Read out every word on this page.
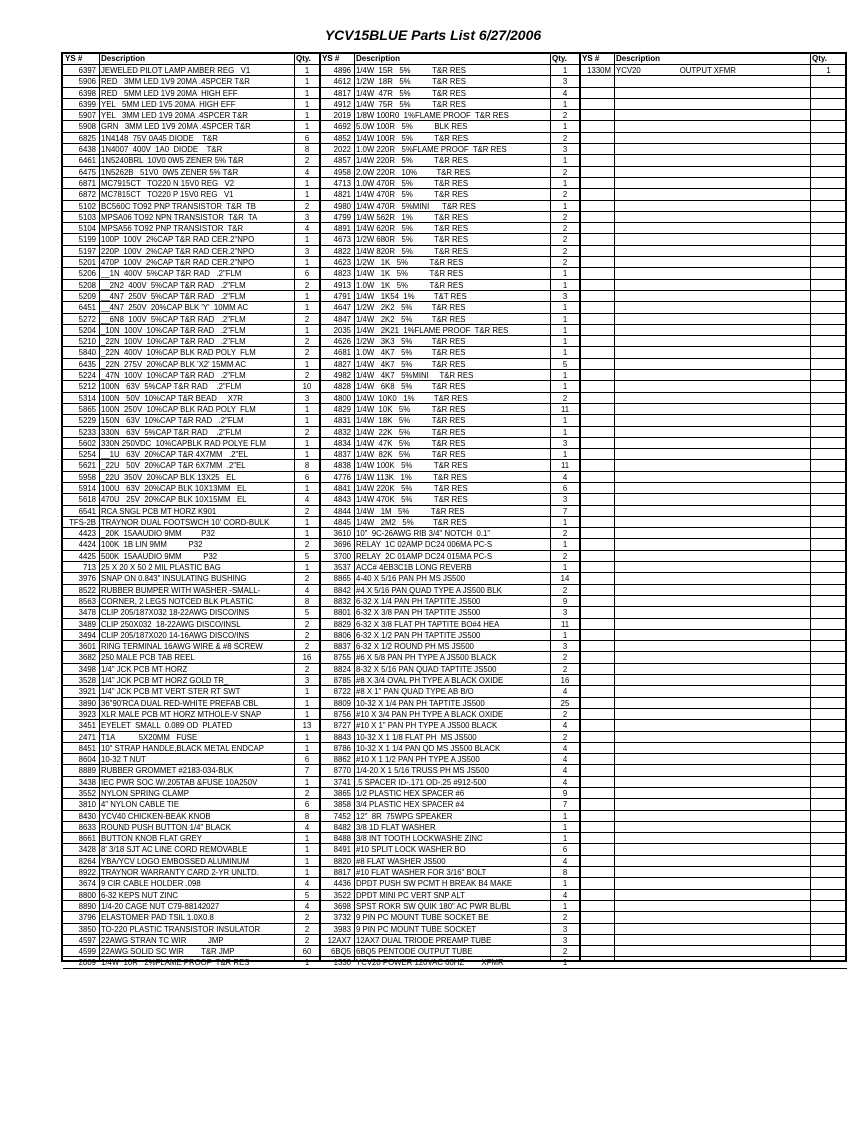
YCV15BLUE Parts List 6/27/2006
YS #	Description	Qty.
6397 JEWELED PILOT LAMP AMBER REG   V1	1
5906 RED   3MM LED 1V9 20MA .4SPCER T&R	1
6398 RED   5MM LED 1V9 20MA  HIGH EFF	1
6399 YEL   5MM LED 1V5 20MA  HIGH EFF	1
5907 YEL   3MM LED 1V9 20MA .4SPCER T&R	1
5908 GRN   3MM LED 1V9 20MA .4SPCER T&R	1
6825 1N4148  75V 0A45 DIODE    T&R	6
6438 1N4007  400V  1A0  DIODE    T&R	8
6461 1N5240BRL  10V0 0W5 ZENER 5% T&R	2
6475 1N5262B   51V0  0W5 ZENER 5% T&R	4
6871 MC7915CT   TO220 N 15V0 REG   V2	1
6872 MC7815CT   TO220 P 15V0 REG   V1	1
5102 BC560C TO92 PNP TRANSISTOR  T&R  TB	2
5103 MPSA06 TO92 NPN TRANSISTOR  T&R  TA	3
5104 MPSA56 TO92 PNP TRANSISTOR  T&R	4
5199 100P  100V  2%CAP T&R RAD CER.2"NPO	1
5197 220P  100V  2%CAP T&R RAD CER.2"NPO	3
5201 470P  100V  2%CAP T&R RAD CER.2"NPO	1
5206 __1N  400V  5%CAP T&R RAD   .2"FLM	6
5208 __2N2  400V  5%CAP T&R RAD   .2"FLM	2
5209 __4N7  250V  5%CAP T&R RAD   .2"FLM	1
6451 __4N7  250V  20%CAP BLK 'Y'  10MM AC	1
5272 __6N8  100V  5%CAP T&R RAD   .2"FLM	2
5204 _10N  100V  10%CAP T&R RAD   .2"FLM	1
5210 _22N  100V  10%CAP T&R RAD   .2"FLM	2
5840 _22N  400V  10%CAP BLK RAD POLY  FLM	2
6435 _22N  275V  20%CAP BLK 'X2' 15MM AC	1
5224 _47N  100V  10%CAP T&R RAD   .2"FLM	2
5212 100N   63V  5%CAP T&R RAD    .2"FLM	10
5314 100N   50V  10%CAP T&R BEAD     X7R	3
5865 100N  250V  10%CAP BLK RAD POLY  FLM	1
5229 150N   63V  10%CAP T&R RAD   .2"FLM	1
5233 330N   63V  5%CAP T&R RAD    .2"FLM	2
5602 330N 250VDC  10%CAPBLK RAD POLYE FLM	1
5254 __1U   63V  20%CAP T&R 4X7MM   .2"EL	1
5621 _22U   50V  20%CAP T&R 6X7MM  .2"EL	8
5958 _22U  350V  20%CAP BLK 13X25   EL	6
5914 100U   63V  20%CAP BLK 10X13MM   EL	1
5618 470U   25V  20%CAP BLK 10X15MM   EL	4
6541 RCA SNGL PCB MT HORZ K901	2
TFS-2B TRAYNOR DUAL FOOTSWCH 10' CORD-BULK	1
4423 _20K  15AAUDIO 9MM         P32	1
4424 100K  1B LIN 9MM          P32	2
4425 500K  15AAUDIO 9MM          P32	5
713 25 X 20 X 50 2 MIL PLASTIC BAG	1
3976 SNAP ON 0.843" INSULATING BUSHING	2
8522 RUBBER BUMPER WITH WASHER -SMALL-	4
8563 CORNER, 2 LEGS NOTCED BLK PLASTIC	8
3478 CLIP 205/187X032 18-22AWG DISCO/INS	5
3489 CLIP 250X032  18-22AWG DISCO/INSL	2
3494 CLIP 205/187X020 14-16AWG DISCO/INS	2
3601 RING TERMINAL 16AWG WIRE & #8 SCREW	2
3682 250 MALE PCB TAB REEL	16
3498 1/4" JCK PCB MT HORZ	2
3528 1/4" JCK PCB MT HORZ GOLD TR_	3
3921 1/4" JCK PCB MT VERT STER RT SWT	1
3890 36"90'RCA DUAL RED-WHITE PREFAB CBL	1
3923 XLR MALE PCB MT HORZ MTHOLE-V SNAP	1
3451 EYELET  SMALL  0.089 OD  PLATED	13
2471 T1A           5X20MM   FUSE	1
8451 10" STRAP HANDLE,BLACK METAL ENDCAP	1
8604 10-32 T NUT	6
8889 RUBBER GROMMET #2183-034-BLK	7
3438 IEC PWR SOC W/.205TAB &FUSE 10A250V	1
3552 NYLON SPRING CLAMP	2
3810 4" NYLON CABLE TIE	6
8430 YCV40 CHICKEN-BEAK KNOB	8
8633 ROUND PUSH BUTTON 1/4" BLACK	4
8661 BUTTON KNOB FLAT GREY	1
3428 8' 3/18 SJT AC LINE CORD REMOVABLE	1
8264 YBA/YCV LOGO EMBOSSED ALUMINUM	1
8922 TRAYNOR WARRANTY CARD 2-YR UNLTD.	1
3674 9 CIR CABLE HOLDER .098	4
8800 6-32 KEPS NUT ZINC	5
8890 1/4-20 CAGE NUT C79-88142027	4
3796 ELASTOMER PAD TSIL 1.0X0.8	2
3850 TO-220 PLASTIC TRANSISTOR INSULATOR	2
4597 22AWG STRAN TC WIR          JMP	2
4599 22AWG SOLID SC WIR        T&R JMP	60
2009 1/4W  10R   2%FLAME PROOF  T&R RES	1
YS #	Description	Qty.
4896 1/4W  15R   5%          T&R RES	1
4612 1/2W  18R   5%          T&R RES	3
4817 1/4W  47R   5%          T&R RES	4
4912 1/4W  75R   5%          T&R RES	1
2019 1/8W 100R0  1%FLAME PROOF  T&R RES	2
4692 5.0W 100R   5%          BLK RES	1
4852 1/4W 100R   5%          T&R RES	2
2022 1.0W 220R   5%FLAME PROOF  T&R RES	3
4857 1/4W 220R   5%          T&R RES	1
4958 2.0W 220R   10%         T&R RES	2
4713 1.0W 470R   5%          T&R RES	1
4821 1/4W 470R   5%          T&R RES	2
4980 1/4W 470R   5%MINI      T&R RES	1
4799 1/4W 562R   1%          T&R RES	2
4891 1/4W 620R   5%          T&R RES	2
4673 1/2W 680R   5%          T&R RES	2
4822 1/4W 820R   5%          T&R RES	2
4623 1/2W   1K   5%          T&R RES	2
4823 1/4W   1K   5%          T&R RES	1
4913 1.0W   1K   5%          T&R RES	1
4791 1/4W   1K54  1%         T&T RES	3
4647 1/2W   2K2   5%         T&R RES	1
4847 1/4W   2K2   5%         T&R RES	1
2035 1/4W   2K21  1%FLAME PROOF  T&R RES	1
4626 1/2W   3K3   5%         T&R RES	1
4681 1.0W   4K7   5%         T&R RES	1
4827 1/4W   4K7   5%         T&R RES	5
4982 1/4W   4K7   5%MINI     T&R RES	1
4828 1/4W   6K8   5%         T&R RES	1
4800 1/4W  10K0   1%         T&R RES	2
4829 1/4W  10K   5%          T&R RES	11
4831 1/4W  18K   5%          T&R RES	1
4832 1/4W  22K   5%          T&R RES	1
4834 1/4W  47K   5%          T&R RES	3
4837 1/4W  82K   5%          T&R RES	1
4838 1/4W 100K   5%          T&R RES	11
4776 1/4W 113K   1%          T&R RES	4
4841 1/4W 220K   5%          T&R RES	6
4843 1/4W 470K   5%          T&R RES	3
4844 1/4W   1M   5%          T&R RES	7
4845 1/4W   2M2   5%         T&R RES	1
3610 10"  9C-26AWG RIB 3/4" NOTCH  0.1"	2
3696 RELAY  1C 02AMP DC24 006MA PC-S	1
3700 RELAY  2C 01AMP DC24 015MA PC-S	2
3537 ACC# 4EB3C1B LONG REVERB	1
8865 4-40 X 5/16 PAN PH MS JS500	14
8842 #4 X 5/16 PAN QUAD TYPE A JS500 BLK	2
8832 6-32 X 1/4 PAN PH TAPTITE JS500	9
8801 6-32 X 3/8 PAN PH TAPTITE JS500	3
8829 6-32 X 3/8 FLAT PH TAPTITE BO#4 HEA	11
8806 6-32 X 1/2 PAN PH TAPTITE JS500	1
8837 6-32 X 1/2 ROUND PH MS JS500	3
8755 #6 X 5/8 PAN PH TYPE A JS500 BLACK	2
8824 8-32 X 5/16 PAN QUAD TAPTITE JS500	2
8785 #8 X 3/4 OVAL PH TYPE A BLACK OXIDE	16
8722 #8 X 1" PAN QUAD TYPE AB B/O	4
8809 10-32 X 1/4 PAN PH TAPTITE JS500	25
8756 #10 X 3/4 PAN PH TYPE A BLACK OXIDE	2
8727 #10 X 1" PAN PH TYPE A JS500 BLACK	4
8843 10-32 X 1 1/8 FLAT PH  MS JS500	2
8786 10-32 X 1 1/4 PAN QD MS JS500 BLACK	4
8862 #10 X 1 1/2 PAN PH TYPE A JS500	4
8770 1/4-20 X 1 5/16 TRUSS PH MS JS500	4
3741 .5 SPACER ID-.171 OD-.25 #912-500	4
3865 1/2 PLASTIC HEX SPACER #6	9
3858 3/4 PLASTIC HEX SPACER #4	7
7452 12"  8R  75WPG SPEAKER	1
8482 3/8 1D FLAT WASHER	1
8488 3/8 INT TOOTH LOCKWASHE ZINC	1
8491 #10 SPLIT LOCK WASHER BO	6
8820 #8 FLAT WASHER JS500	4
8817 #10 FLAT WASHER FOR 3/16" BOLT	8
4436 DPDT PUSH SW PCMT H BREAK B4 MAKE	1
3522 DPDT MINI PC VERT SNP ALT	4
3698 SPST ROKR SW QUIK 180" AC PWR BL/BL	1
3732 9 PIN PC MOUNT TUBE SOCKET BE	2
3983 9 PIN PC MOUNT TUBE SOCKET	3
12AX7 12AX7 DUAL TRIODE PREAMP TUBE	3
6BQ5 6BQ5 PENTODE OUTPUT TUBE	2
1330 YCV20 POWER 120VAC 60HZ        XFMR	1
YS #	Description	Qty.
1330M YCV20                  OUTPUT XFMR	1
